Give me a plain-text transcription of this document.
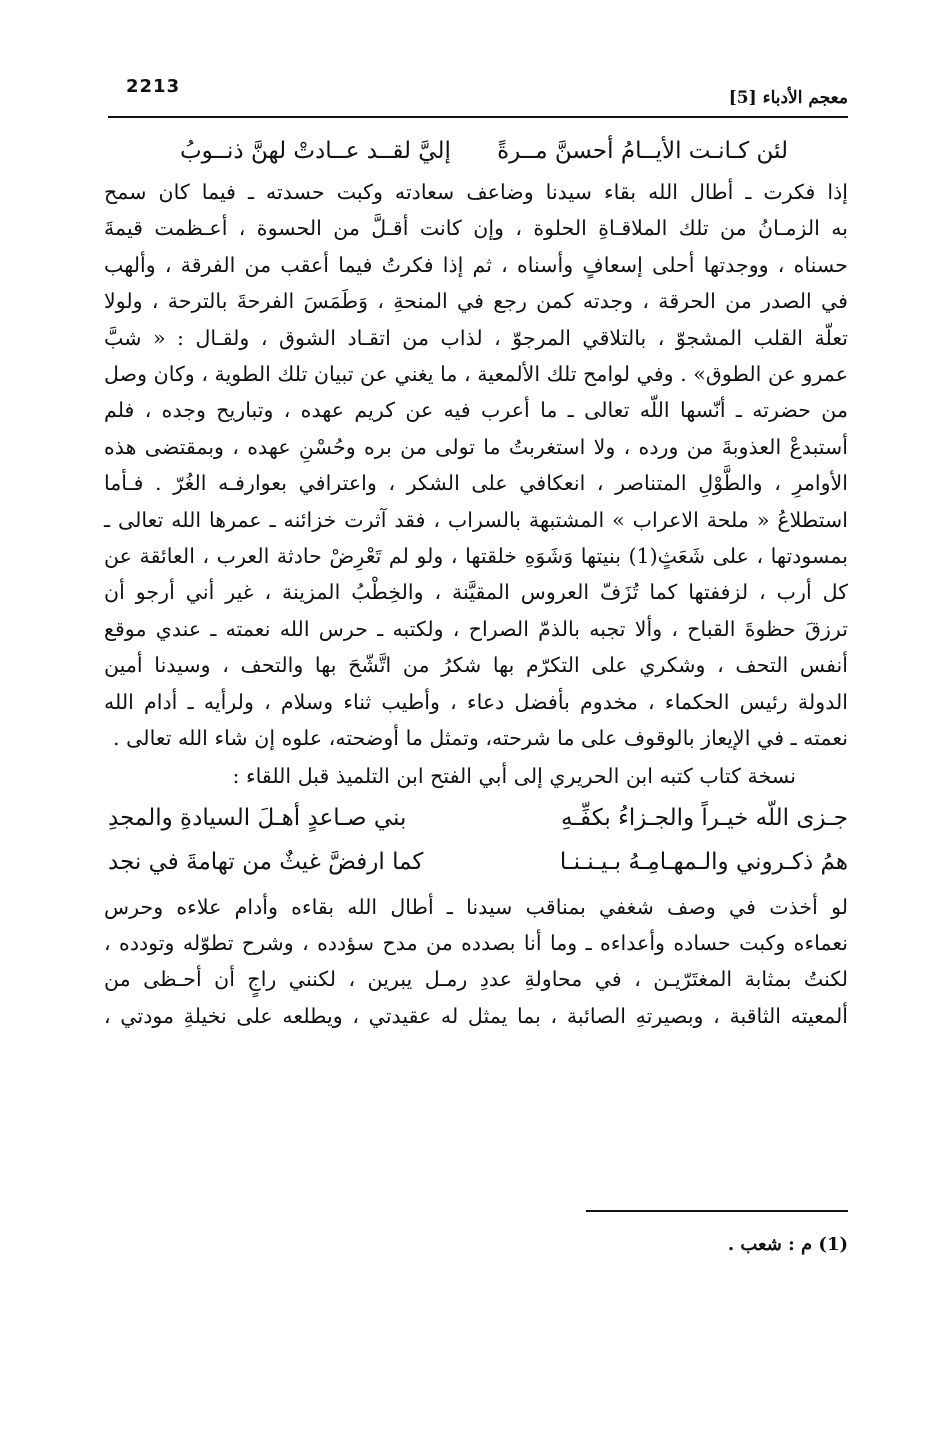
2213
معجم الأدباء [5]
لئن كـانـت الأيــامُ أحسنَّ مــرةً
إليَّ لقــد عــادتْ لهنَّ ذنــوبُ

إذا فكرت ـ أطال الله بقاء سيدنا وضاعف سعادته وكبت حسدته ـ فيما كان سمح

به الزمـانُ من تلك الملاقـاةِ الحلوة ، وإن كانت أقـلَّ من الحسوة ، أعـظمت قيمةَ

حسناه ، ووجدتها أحلى إسعافٍ وأسناه ، ثم إذا فكرتُ فيما أعقب من الفرقة ، وألهب

في الصدر من الحرقة ، وجدته كمن رجع في المنحةِ ، وَطَمَسَ الفرحةَ بالترحة ، ولولا

تعلّة القلب المشجوّ ، بالتلاقي المرجوّ ، لذاب من اتقـاد الشوق ، ولقـال : « شبَّ

عمرو عن الطوق» . وفي لوامح تلك الألمعية ، ما يغني عن تبيان تلك الطوية ، وكان وصل

من حضرته ـ أنّسها اللّه تعالى ـ ما أعرب فيه عن كريم عهده ، وتباريح وجده ، فلم

أستبدعْ العذوبةَ من ورده ، ولا استغربتُ ما تولى من بره وحُسْنِ عهده ، وبمقتضى هذه

الأوامرِ ، والطَّوْلِ المتناصر ، انعكافي على الشكر ، واعترافي بعوارفـه الغُرّ . فـأما

استطلاعُ « ملحة الاعراب » المشتبهة بالسراب ، فقد آثرت خزائنه ـ عمرها الله تعالى ـ

بمسودتها ، على شَعَثٍ(1) بنيتها وَشَوَهِ خلقتها ، ولو لم تَعْرِضْ حادثة العرب ، العائقة عن

كل أرب ، لزففتها كما تُزَفّ العروس المقيَّنة ، والخِطْبُ المزينة ، غير أني أرجو أن

ترزقَ حظوةَ القباح ، وألا تجبه بالذمّ الصراح ، ولكتبه ـ حرس الله نعمته ـ عندي موقع

أنفس التحف ، وشكري على التكرّم بها شكرُ من اتَّشّحَ بها والتحف ، وسيدنا أمين

الدولة رئيس الحكماء ، مخدوم بأفضل دعاء ، وأطيب ثناء وسلام ، ولرأيه ـ أدام الله

نعمته ـ في الإيعاز بالوقوف على ما شرحته، وتمثل ما أوضحته، علوه إن شاء الله تعالى .

نسخة كتاب كتبه ابن الحريري إلى أبي الفتح ابن التلميذ قبل اللقاء :
جـزى اللّه خيـراً والجـزاءُ بكفِّـهِ
بني صـاعدٍ أهـلَ السيادةِ والمجدِ
همُ ذكـروني والـمهـامِـهُ بـيـنـنـا
كما ارفضَّ غيثٌ من تهامةَ في نجد

لو أخذت في وصف شغفي بمناقب سيدنا ـ أطال الله بقاءه وأدام علاءه وحرس

نعماءه وكبت حساده وأعداءه ـ وما أنا بصدده من مدح سؤدده ، وشرح تطوّله وتودده ،

لكنتُ بمثابة المغتَرّيـن ، في محاولةِ عددِ رمـل يبرين ، لكنني راجٍ أن أحـظى من

ألمعيته الثاقبة ، وبصيرتهِ الصائبة ، بما يمثل له عقيدتي ، ويطلعه على نخيلةِ مودتي ،

(1) م : شعب .
